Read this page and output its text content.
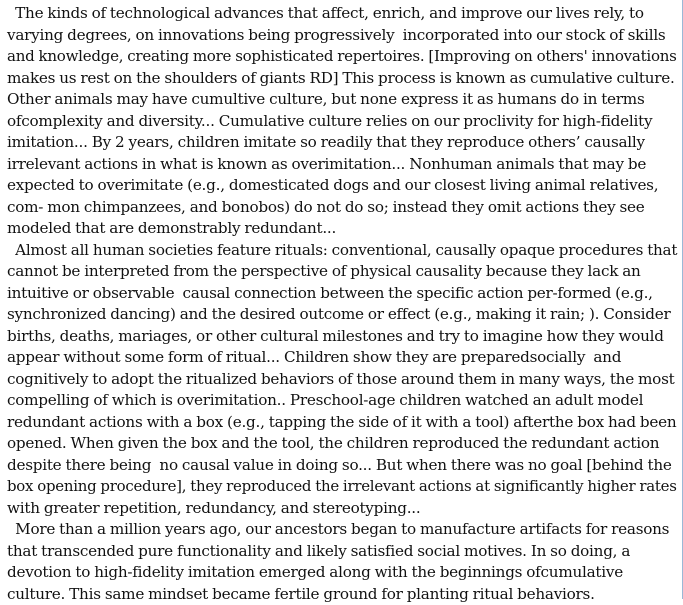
The kinds of technological advances that affect, enrich, and improve our lives rely, to
varying degrees, on innovations being progressively  incorporated into our stock of skills
and knowledge, creating more sophisticated repertoires. [Improving on others' innovations
makes us rest on the shoulders of giants RD] This process is known as cumulative culture.
Other animals may have cumultive culture, but none express it as humans do in terms
ofcomplexity and diversity... Cumulative culture relies on our proclivity for high-fidelity
imitation... By 2 years, children imitate so readily that they reproduce others’ causally
irrelevant actions in what is known as overimitation... Nonhuman animals that may be
expected to overimitate (e.g., domesticated dogs and our closest living animal relatives,
com- mon chimpanzees, and bonobos) do not do so; instead they omit actions they see
modeled that are demonstrably redundant...
Almost all human societies feature rituals: conventional, causally opaque procedures that
cannot be interpreted from the perspective of physical causality because they lack an
intuitive or observable  causal connection between the specific action per-formed (e.g.,
synchronized dancing) and the desired outcome or effect (e.g., making it rain; ). Consider
births, deaths, mariages, or other cultural milestones and try to imagine how they would
appear without some form of ritual... Children show they are preparedsocially  and
cognitively to adopt the ritualized behaviors of those around them in many ways, the most
compelling of which is overimitation.. Preschool-age children watched an adult model
redundant actions with a box (e.g., tapping the side of it with a tool) afterthe box had been
opened. When given the box and the tool, the children reproduced the redundant action
despite there being  no causal value in doing so... But when there was no goal [behind the
box opening procedure], they reproduced the irrelevant actions at significantly higher rates
with greater repetition, redundancy, and stereotyping...
More than a million years ago, our ancestors began to manufacture artifacts for reasons
that transcended pure functionality and likely satisfied social motives. In so doing, a
devotion to high-fidelity imitation emerged along with the beginnings ofcumulative
culture. This same mindset became fertile ground for planting ritual behaviors.
